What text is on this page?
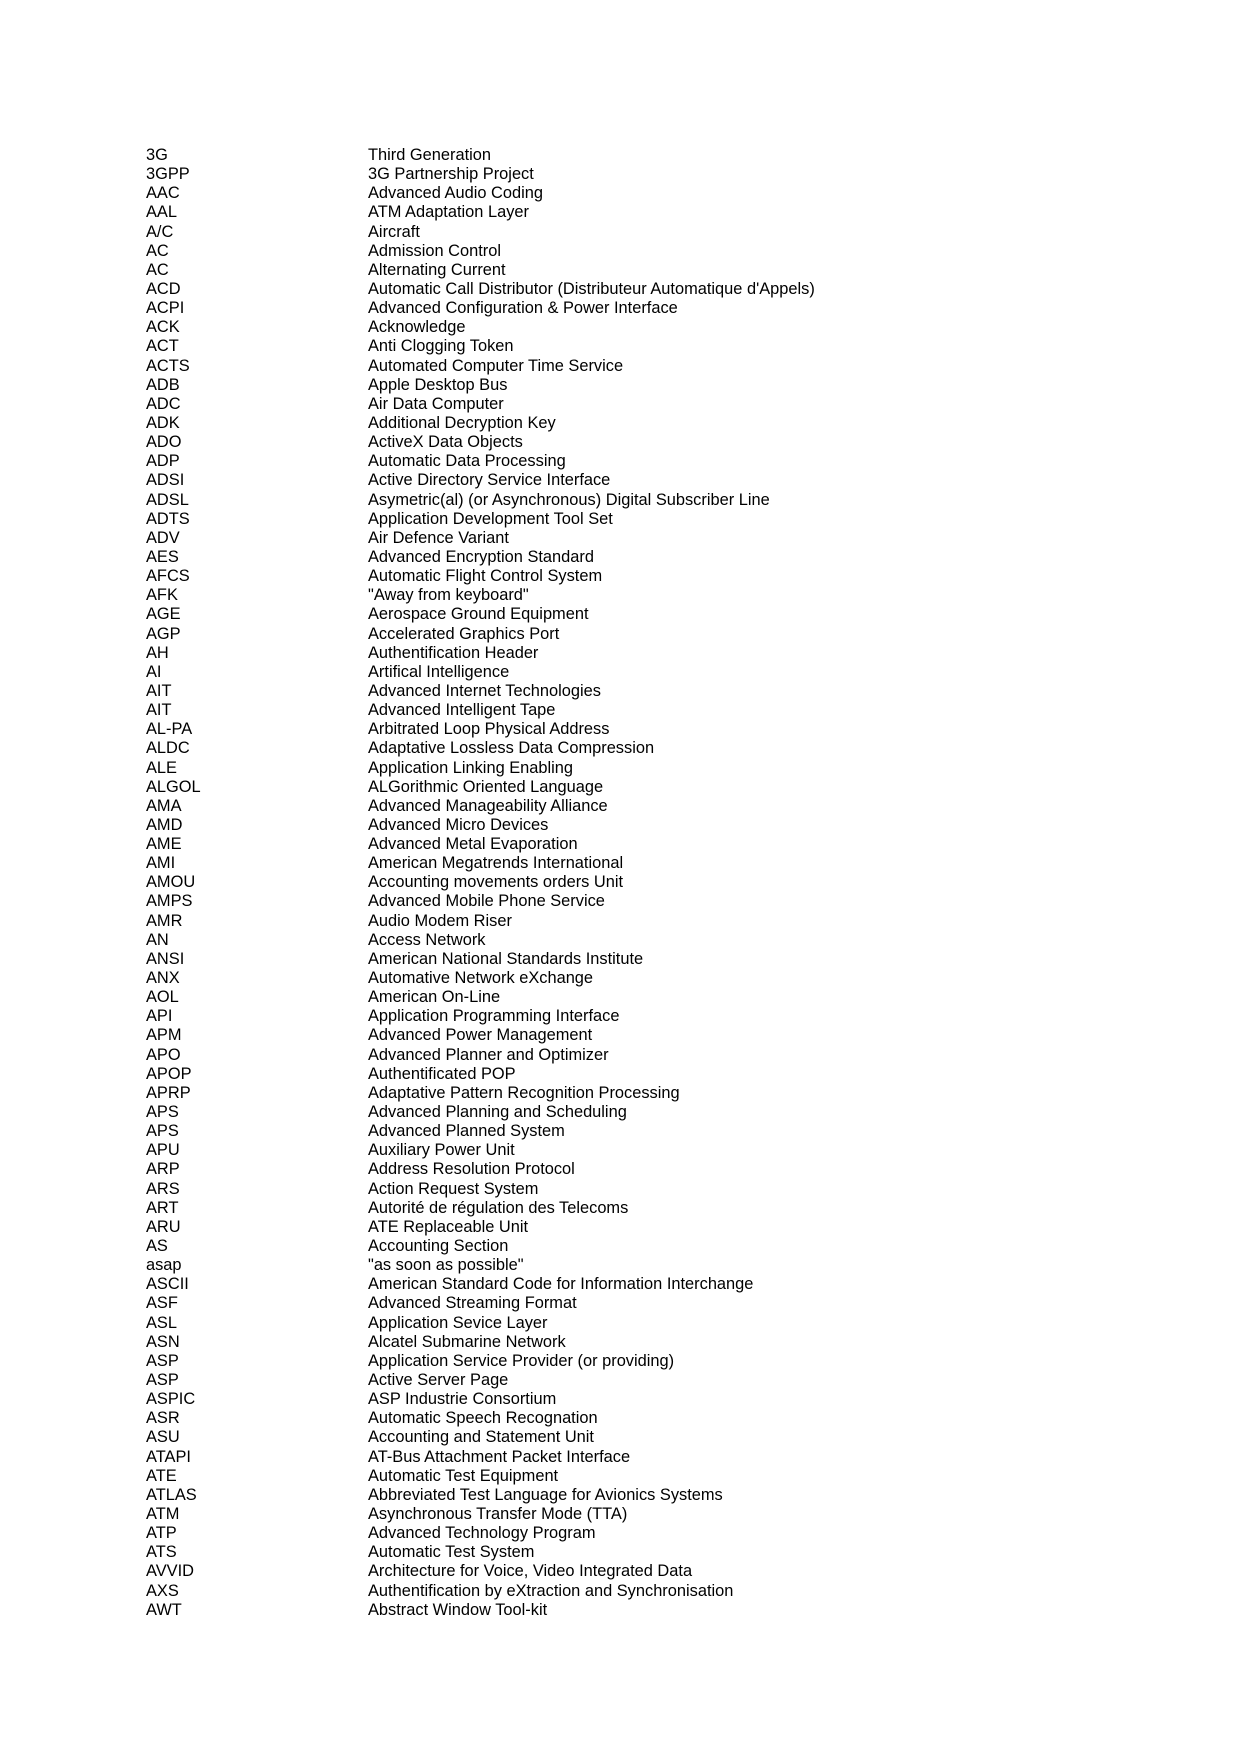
3G	Third Generation
3GPP	3G Partnership Project
AAC	Advanced Audio Coding
AAL	ATM Adaptation Layer
A/C	Aircraft
AC	Admission Control
AC	Alternating Current
ACD	Automatic Call Distributor (Distributeur Automatique d'Appels)
ACPI	Advanced Configuration & Power Interface
ACK	Acknowledge
ACT	Anti Clogging Token
ACTS	Automated Computer Time Service
ADB	Apple Desktop Bus
ADC	Air Data Computer
ADK	Additional Decryption Key
ADO	ActiveX Data Objects
ADP	Automatic Data Processing
ADSI	Active Directory Service Interface
ADSL	Asymetric(al) (or Asynchronous) Digital Subscriber Line
ADTS	Application Development Tool Set
ADV	Air Defence Variant
AES	Advanced Encryption Standard
AFCS	Automatic Flight Control System
AFK	"Away from keyboard"
AGE	Aerospace Ground Equipment
AGP	Accelerated Graphics Port
AH	Authentification Header
AI	Artifical Intelligence
AIT	Advanced Internet Technologies
AIT	Advanced Intelligent Tape
AL-PA	Arbitrated Loop Physical Address
ALDC	Adaptative Lossless Data Compression
ALE	Application Linking Enabling
ALGOL	ALGorithmic Oriented Language
AMA	Advanced Manageability Alliance
AMD	Advanced Micro Devices
AME	Advanced Metal Evaporation
AMI	American Megatrends International
AMOU	Accounting movements orders Unit
AMPS	Advanced Mobile Phone Service
AMR	Audio Modem Riser
AN	Access Network
ANSI	American National Standards Institute
ANX	Automative Network eXchange
AOL	American On-Line
API	Application Programming Interface
APM	Advanced Power Management
APO	Advanced Planner and Optimizer
APOP	Authentificated POP
APRP	Adaptative Pattern Recognition Processing
APS	Advanced Planning and Scheduling
APS	Advanced Planned System
APU	Auxiliary Power Unit
ARP	Address Resolution Protocol
ARS	Action Request System
ART	Autorité de régulation des Telecoms
ARU	ATE Replaceable Unit
AS	Accounting Section
asap	"as soon as possible"
ASCII	American Standard Code for Information Interchange
ASF	Advanced Streaming Format
ASL	Application Sevice Layer
ASN	Alcatel Submarine Network
ASP	Application Service Provider (or providing)
ASP	Active Server Page
ASPIC	ASP Industrie Consortium
ASR	Automatic Speech Recognation
ASU	Accounting and Statement Unit
ATAPI	AT-Bus Attachment Packet Interface
ATE	Automatic Test Equipment
ATLAS	Abbreviated Test Language for Avionics Systems
ATM	Asynchronous Transfer Mode (TTA)
ATP	Advanced Technology Program
ATS	Automatic Test System
AVVID	Architecture for Voice, Video Integrated Data
AXS	Authentification by eXtraction and Synchronisation
AWT	Abstract Window Tool-kit
